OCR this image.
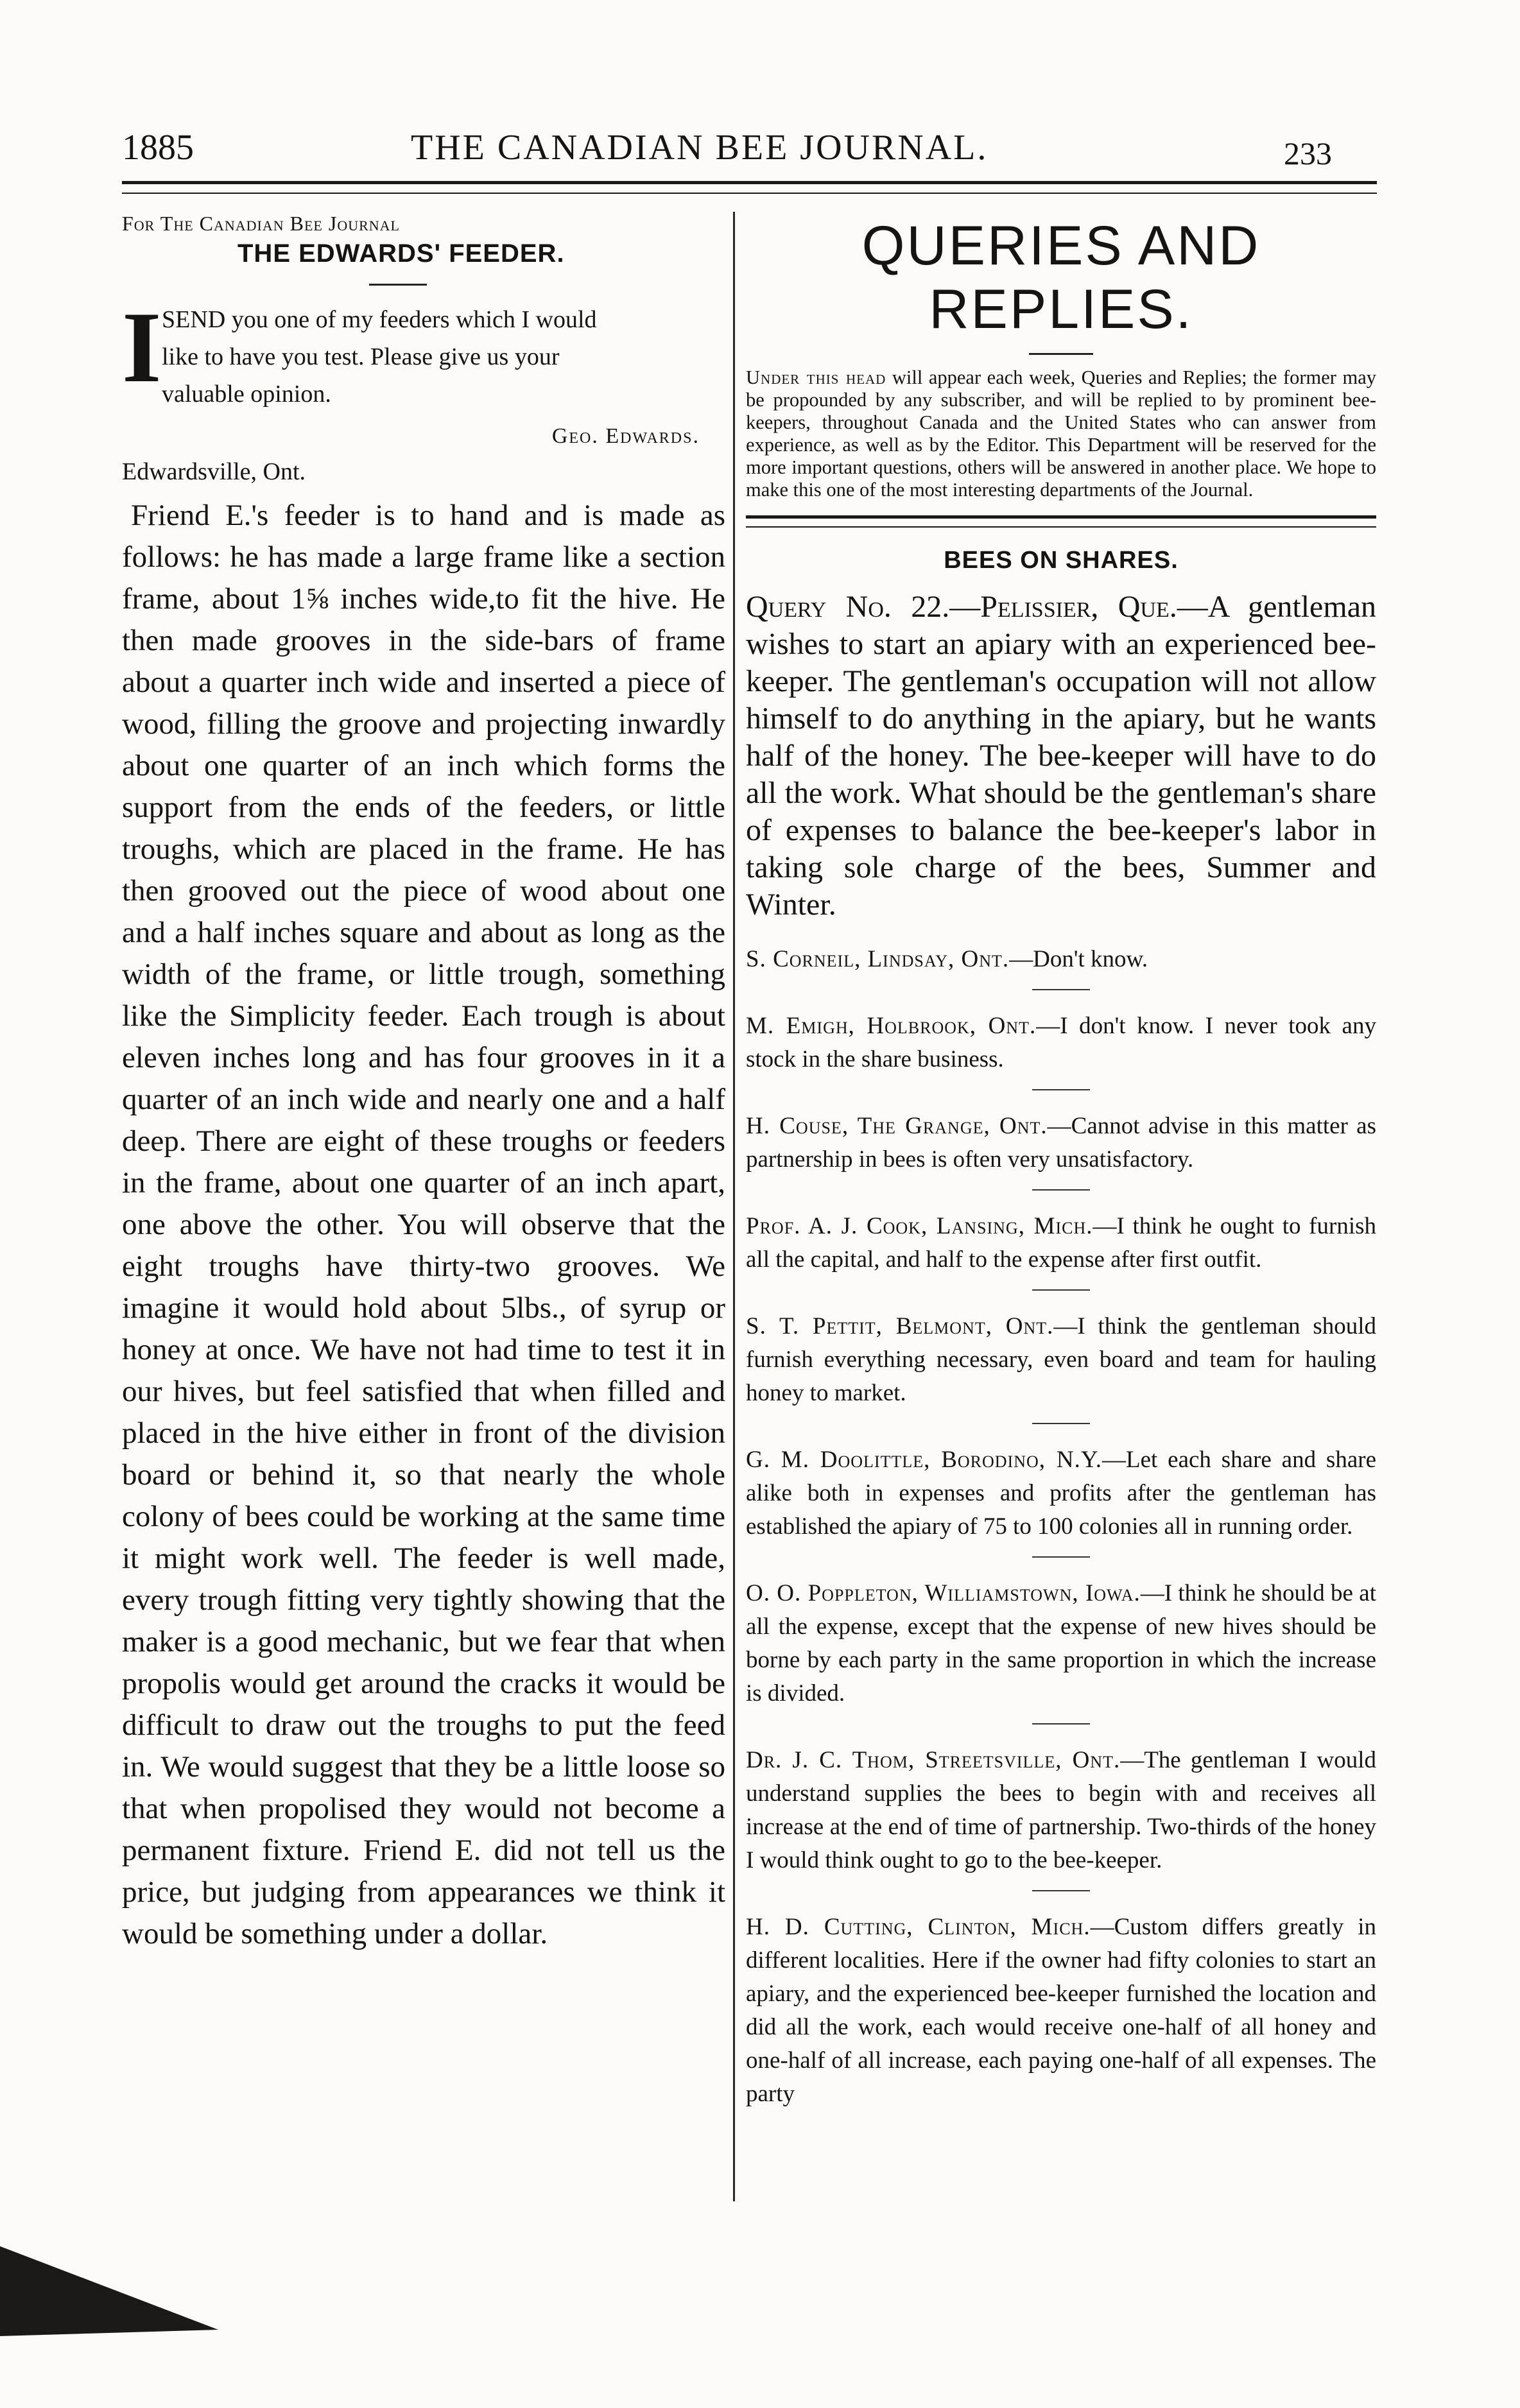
1885	THE CANADIAN BEE JOURNAL.	233
For The Canadian Bee Journal
THE EDWARDS' FEEDER.
I SEND you one of my feeders which I would
like to have you test. Please give us your
valuable opinion.
Geo. Edwards.
Edwardsville, Ont.
Friend E.'s feeder is to hand and is made as follows: he has made a large frame like a section frame, about 1⅝ inches wide,to fit the hive. He then made grooves in the side-bars of frame about a quarter inch wide and inserted a piece of wood, filling the groove and projecting inwardly about one quarter of an inch which forms the support from the ends of the feeders, or little troughs, which are placed in the frame. He has then grooved out the piece of wood about one and a half inches square and about as long as the width of the frame, or little trough, something like the Simplicity feeder. Each trough is about eleven inches long and has four grooves in it a quarter of an inch wide and nearly one and a half deep. There are eight of these troughs or feeders in the frame, about one quarter of an inch apart, one above the other. You will observe that the eight troughs have thirty-two grooves. We imagine it would hold about 5lbs., of syrup or honey at once. We have not had time to test it in our hives, but feel satisfied that when filled and placed in the hive either in front of the division board or behind it, so that nearly the whole colony of bees could be working at the same time it might work well. The feeder is well made, every trough fitting very tightly showing that the maker is a good mechanic, but we fear that when propolis would get around the cracks it would be difficult to draw out the troughs to put the feed in. We would suggest that they be a little loose so that when propolised they would not become a permanent fixture. Friend E. did not tell us the price, but judging from appearances we think it would be something under a dollar.
QUERIES AND REPLIES.
Under this head will appear each week, Queries and Replies; the former may be propounded by any subscriber, and will be replied to by prominent bee-keepers, throughout Canada and the United States who can answer from experience, as well as by the Editor. This Department will be reserved for the more important questions, others will be answered in another place. We hope to make this one of the most interesting departments of the Journal.
BEES ON SHARES.
Query No. 22.—Pelissier, Que.—A gentleman wishes to start an apiary with an experienced bee-keeper. The gentleman's occupation will not allow himself to do anything in the apiary, but he wants half of the honey. The bee-keeper will have to do all the work. What should be the gentleman's share of expenses to balance the bee-keeper's labor in taking sole charge of the bees, Summer and Winter.
S. Corneil, Lindsay, Ont.—Don't know.
M. Emigh, Holbrook, Ont.—I don't know. I never took any stock in the share business.
H. Couse, The Grange, Ont.—Cannot advise in this matter as partnership in bees is often very unsatisfactory.
Prof. A. J. Cook, Lansing, Mich.—I think he ought to furnish all the capital, and half to the expense after first outfit.
S. T. Pettit, Belmont, Ont.—I think the gentleman should furnish everything necessary, even board and team for hauling honey to market.
G. M. Doolittle, Borodino, N.Y.—Let each share and share alike both in expenses and profits after the gentleman has established the apiary of 75 to 100 colonies all in running order.
O. O. Poppleton, Williamstown, Iowa.—I think he should be at all the expense, except that the expense of new hives should be borne by each party in the same proportion in which the increase is divided.
Dr. J. C. Thom, Streetsville, Ont.—The gentleman I would understand supplies the bees to begin with and receives all increase at the end of time of partnership. Two-thirds of the honey I would think ought to go to the bee-keeper.
H. D. Cutting, Clinton, Mich.—Custom differs greatly in different localities. Here if the owner had fifty colonies to start an apiary, and the experienced bee-keeper furnished the location and did all the work, each would receive one-half of all honey and one-half of all increase, each paying one-half of all expenses. The party
